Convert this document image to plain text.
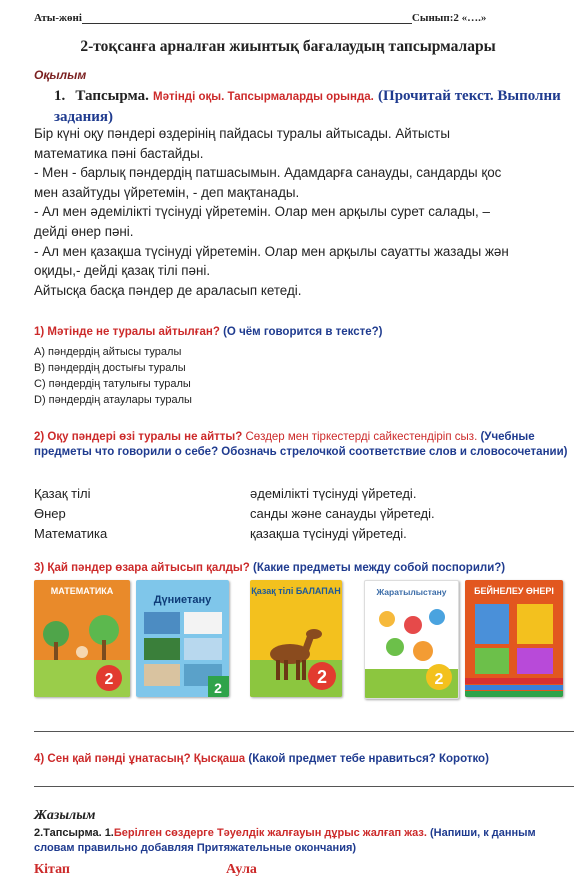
Аты-жөні	Сынып:2 «….»
2-тоқсанға арналған жиынтық бағалаудың тапсырмалары
Оқылым
1. Тапсырма. Мәтінді оқы. Тапсырмаларды орында. (Прочитай текст. Выполни задания)
Бір күні оқу пәндері өздерінің пайдасы туралы айтысады. Айтысты
математика пәні бастайды.
- Мен - барлық пәндердің патшасымын. Адамдарға санауды, сандарды қос
мен азайтуды үйретемін, - деп мақтанады.
- Ал мен әдемілікті түсінуді үйретемін. Олар мен арқылы сурет салады, –
дейді өнер пәні.
- Ал мен қазақша түсінуді үйретемін. Олар мен арқылы сауатты жазады жән
оқиды,- дейді қазақ тілі пәні.
Айтысқа басқа пәндер де араласып кетеді.
1) Мәтінде не туралы айтылған? (О чём говорится в тексте?)
A) пәндердің айтысы туралы
B) пәндердің достығы туралы
C) пәндердің татулығы туралы
D) пәндердің атаулары туралы
2) Оқу пәндері өзі туралы не айтты? Сөздер мен тіркестерді сайкестендіріп сыз. (Учебные предметы что говорили о себе? Обозначь стрелочкой соответствие слов и словосочетании)
Қазақ тілі	әдемілікті түсінуді үйретеді.
Өнер	санды және санауды үйретеді.
Математика	қазақша түсінуді үйретеді.
3) Қай пәндер өзара айтысып қалды? (Какие предметы между собой поспорили?)
МАТЕМАТИКА
2	2
Дүниетану
Қазақ тілі БАЛАПАН
2
Жаратылыстану
2
БЕЙНЕЛЕУ ӨНЕРІ
4) Сен қай пәнді ұнатасың? Қысқаша (Какой предмет тебе нравиться? Коротко)
Жазылым
2.Тапсырма. 1.Берілген сөздерге Тәуелдік жалғауын дұрыс жалғап жаз. (Напиши, к данным словам правильно добавляя Притяжательные окончания)
Кітап	Аула
